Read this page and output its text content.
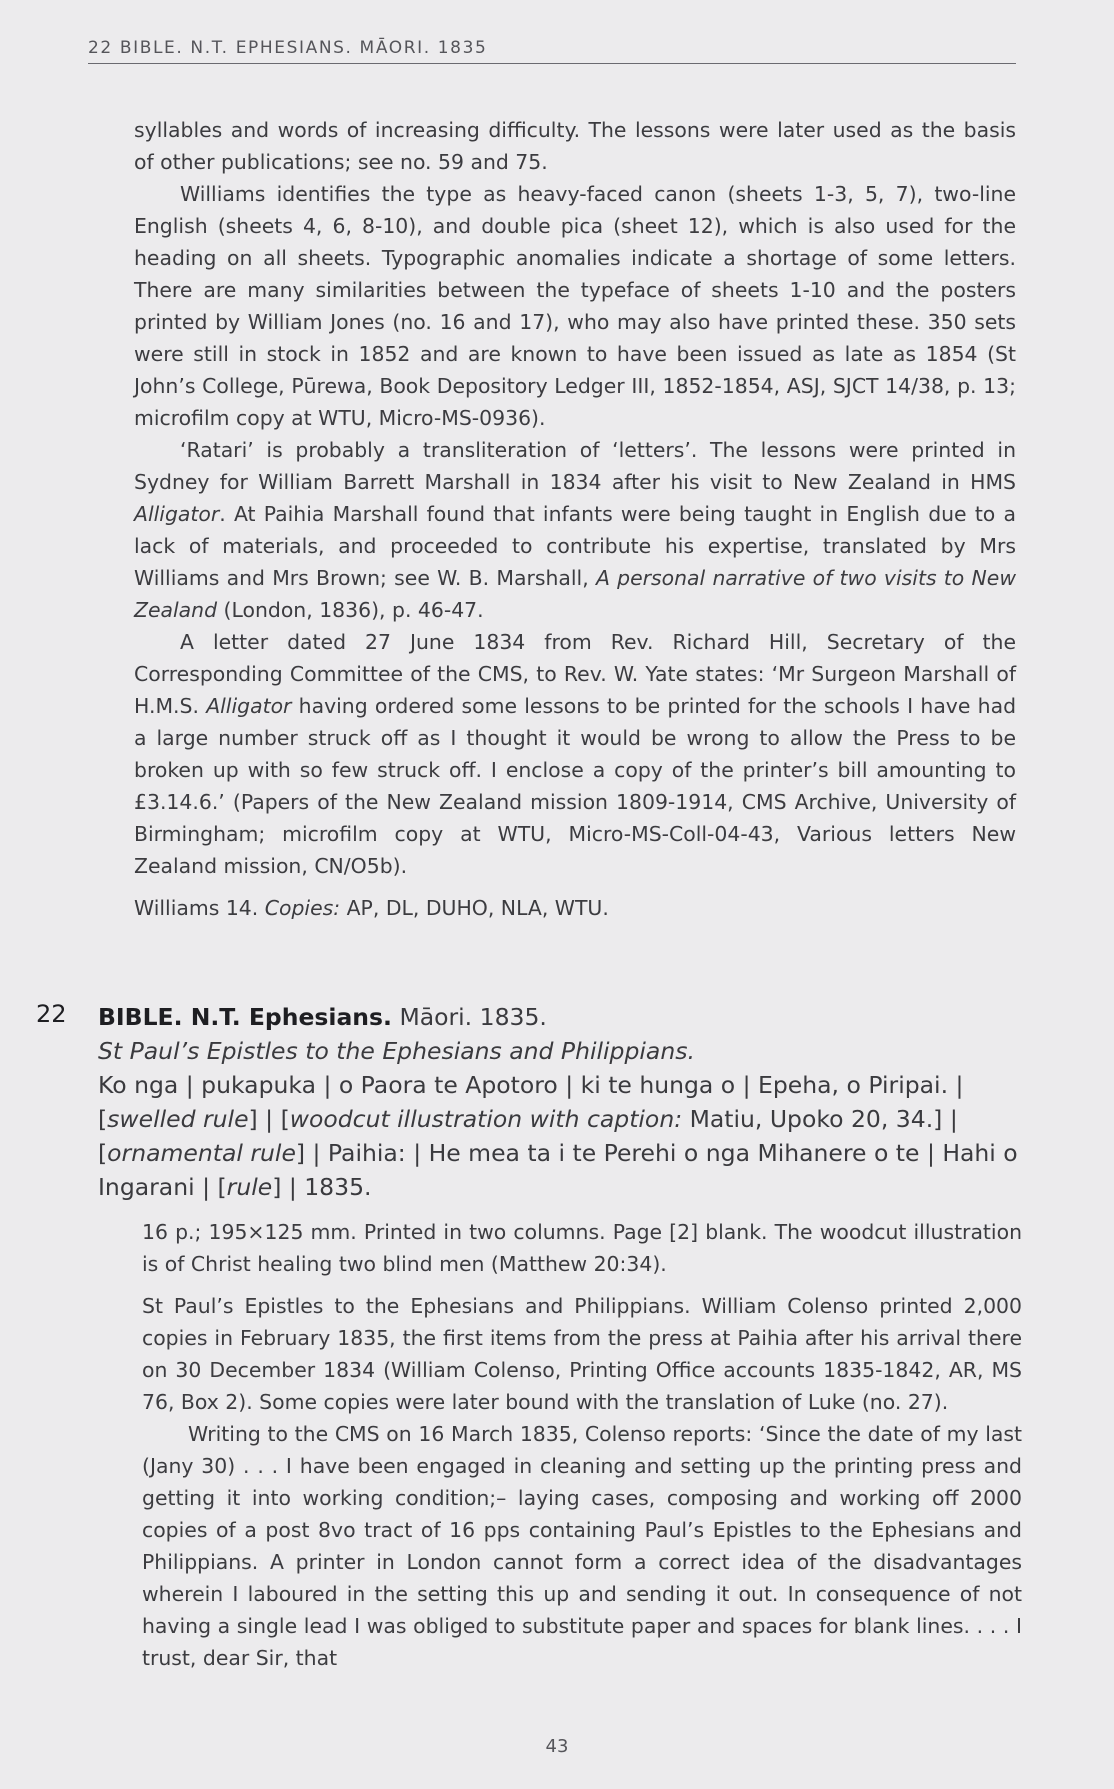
22 BIBLE. N.T. EPHESIANS. MĀORI. 1835

syllables and words of increasing difficulty. The lessons were later used as the basis of other publications; see no. 59 and 75.

Williams identifies the type as heavy-faced canon (sheets 1-3, 5, 7), two-line English (sheets 4, 6, 8-10), and double pica (sheet 12), which is also used for the heading on all sheets. Typographic anomalies indicate a shortage of some letters. There are many similarities between the typeface of sheets 1-10 and the posters printed by William Jones (no. 16 and 17), who may also have printed these. 350 sets were still in stock in 1852 and are known to have been issued as late as 1854 (St John’s College, Pūrewa, Book Depository Ledger III, 1852-1854, ASJ, SJCT 14/38, p. 13; microfilm copy at WTU, Micro-MS-0936).

‘Ratari’ is probably a transliteration of ‘letters’. The lessons were printed in Sydney for William Barrett Marshall in 1834 after his visit to New Zealand in HMS Alligator. At Paihia Marshall found that infants were being taught in English due to a lack of materials, and proceeded to contribute his expertise, translated by Mrs Williams and Mrs Brown; see W. B. Marshall, A personal narrative of two visits to New Zealand (London, 1836), p. 46-47.

A letter dated 27 June 1834 from Rev. Richard Hill, Secretary of the Corresponding Committee of the CMS, to Rev. W. Yate states: ‘Mr Surgeon Marshall of H.M.S. Alligator having ordered some lessons to be printed for the schools I have had a large number struck off as I thought it would be wrong to allow the Press to be broken up with so few struck off. I enclose a copy of the printer’s bill amounting to £3.14.6.’ (Papers of the New Zealand mission 1809-1914, CMS Archive, University of Birmingham; microfilm copy at WTU, Micro-MS-Coll-04-43, Various letters New Zealand mission, CN/O5b).

Williams 14. Copies: AP, DL, DUHO, NLA, WTU.

22 BIBLE. N.T. Ephesians. Māori. 1835.

St Paul’s Epistles to the Ephesians and Philippians.

Ko nga | pukapuka | o Paora te Apotoro | ki te hunga o | Epeha, o Piripai. | [swelled rule] | [woodcut illustration with caption: Matiu, Upoko 20, 34.] | [ornamental rule] | Paihia: | He mea ta i te Perehi o nga Mihanere o te | Hahi o Ingarani | [rule] | 1835.

16 p.; 195×125 mm. Printed in two columns. Page [2] blank. The woodcut illustration is of Christ healing two blind men (Matthew 20:34).

St Paul’s Epistles to the Ephesians and Philippians. William Colenso printed 2,000 copies in February 1835, the first items from the press at Paihia after his arrival there on 30 December 1834 (William Colenso, Printing Office accounts 1835-1842, AR, MS 76, Box 2). Some copies were later bound with the translation of Luke (no. 27).

Writing to the CMS on 16 March 1835, Colenso reports: ‘Since the date of my last (Jany 30) . . . I have been engaged in cleaning and setting up the printing press and getting it into working condition;– laying cases, composing and working off 2000 copies of a post 8vo tract of 16 pps containing Paul’s Epistles to the Ephesians and Philippians. A printer in London cannot form a correct idea of the disadvantages wherein I laboured in the setting this up and sending it out. In consequence of not having a single lead I was obliged to substitute paper and spaces for blank lines. . . . I trust, dear Sir, that

43
